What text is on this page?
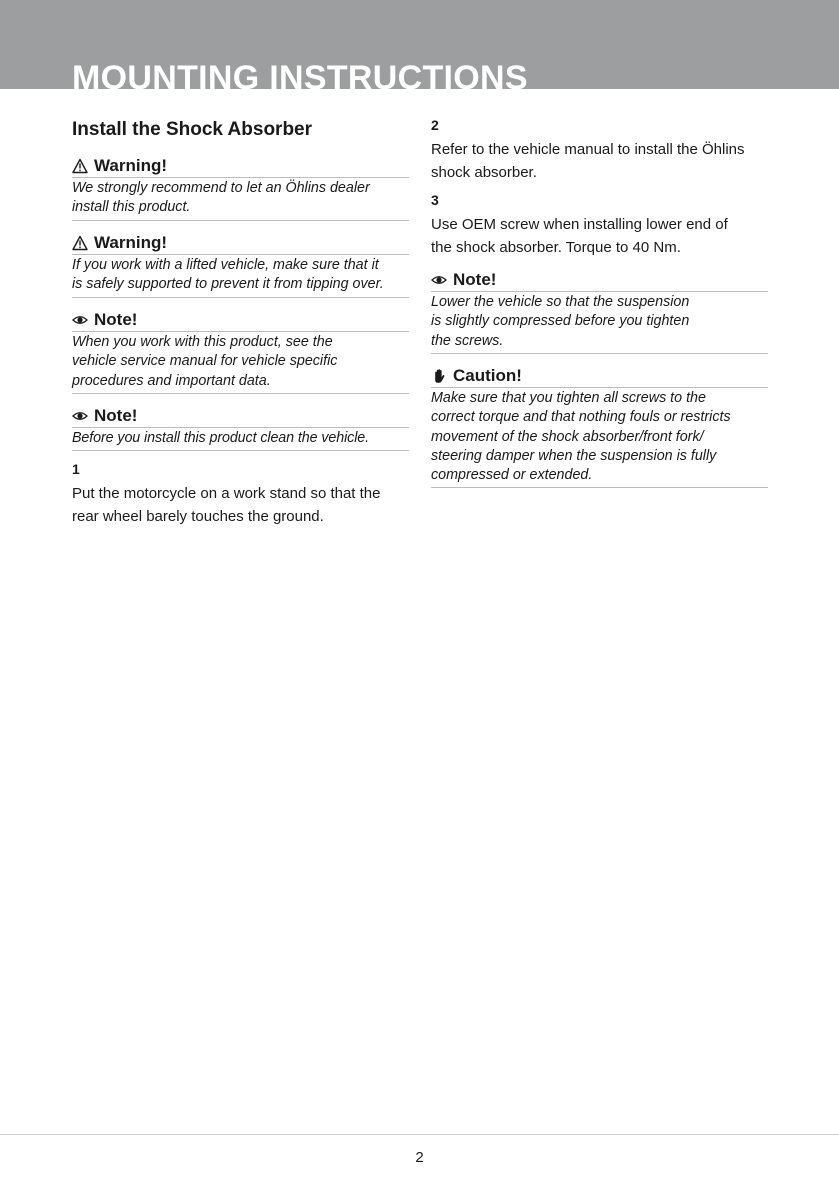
MOUNTING INSTRUCTIONS
Install the Shock Absorber
Warning!
We strongly recommend to let an Öhlins dealer
install this product.
Warning!
If you work with a lifted vehicle, make sure that it
is safely supported to prevent it from tipping over.
Note!
When you work with this product, see the
vehicle service manual for vehicle specific
procedures and important data.
Note!
Before you install this product clean the vehicle.
1
Put the motorcycle on a work stand so that the
rear wheel barely touches the ground.
2
Refer to the vehicle manual to install the Öhlins
shock absorber.
3
Use OEM screw when installing lower end of
the shock absorber. Torque to 40 Nm.
Note!
Lower the vehicle so that the suspension
is slightly compressed before you tighten
the screws.
Caution!
Make sure that you tighten all screws to the
correct torque and that nothing fouls or restricts
movement of the shock absorber/front fork/
steering damper when the suspension is fully
compressed or extended.
2
